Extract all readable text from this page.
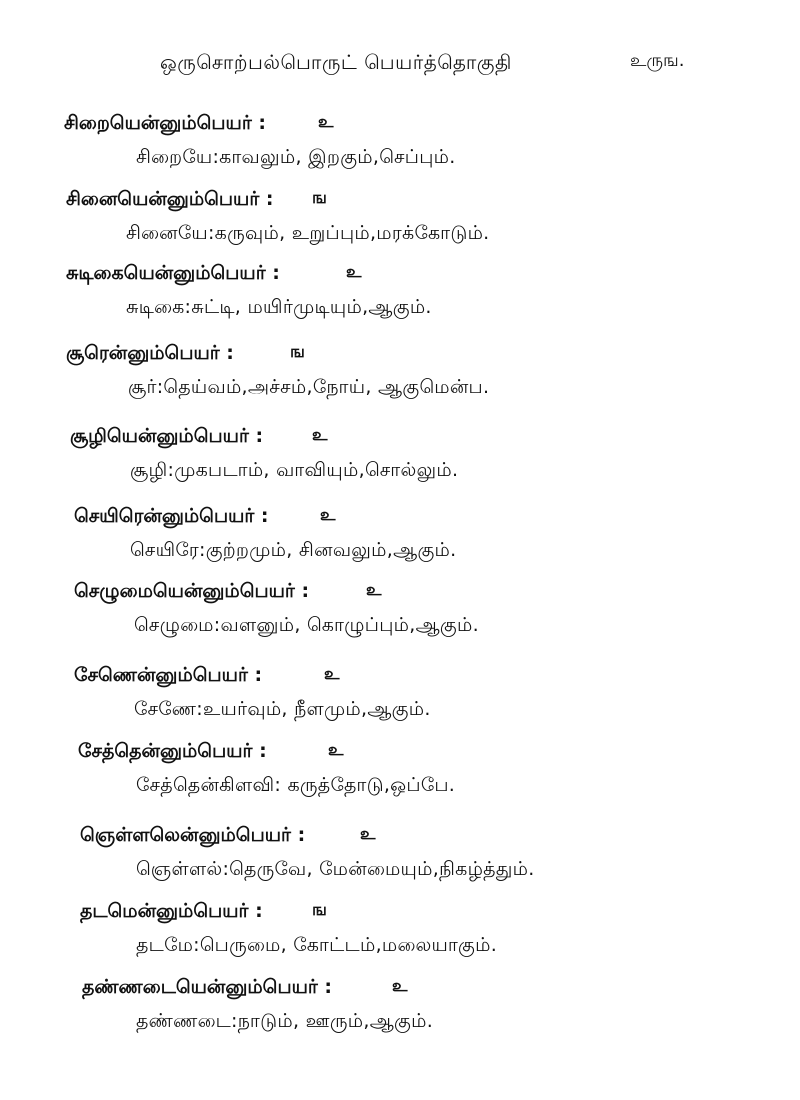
ஒருசொற்பல்பொருட் பெயர்த்தொகுதி	உருங.
சிறையென்னும்பெயர் :	உ
சிறையே:காவலும், இறகும்,செப்பும்.
சினையென்னும்பெயர் : ங
சினையே:கருவும், உறுப்பும்,மரக்கோடும்.
சுடிகையென்னும்பெயர் :	உ
சுடிகை:சுட்டி, மயிர்முடியும்,ஆகும்.
சூரென்னும்பெயர் :	ங
சூர்:தெய்வம்,அச்சம்,நோய், ஆகுமென்ப.
சூழியென்னும்பெயர் :	உ
சூழி:முகபடாம், வாவியும்,சொல்லும்.
செயிரென்னும்பெயர் :	உ
செயிரே:குற்றமும், சினவலும்,ஆகும்.
செழுமையென்னும்பெயர் :	உ
செழுமை:வளனும், கொழுப்பும்,ஆகும்.
சேணென்னும்பெயர் :	உ
சேணே:உயர்வும், நீளமும்,ஆகும்.
சேத்தென்னும்பெயர் :	உ
சேத்தென்கிளவி: கருத்தோடு,ஒப்பே.
ஞெள்ளலென்னும்பெயர் :	உ
ஞெள்ளல்:தெருவே, மேன்மையும்,நிகழ்த்தும்.
தடமென்னும்பெயர் :	ங
தடமே:பெருமை, கோட்டம்,மலையாகும்.
தண்ணடையென்னும்பெயர் :	உ
தண்ணடை:நாடும், ஊரும்,ஆகும்.
